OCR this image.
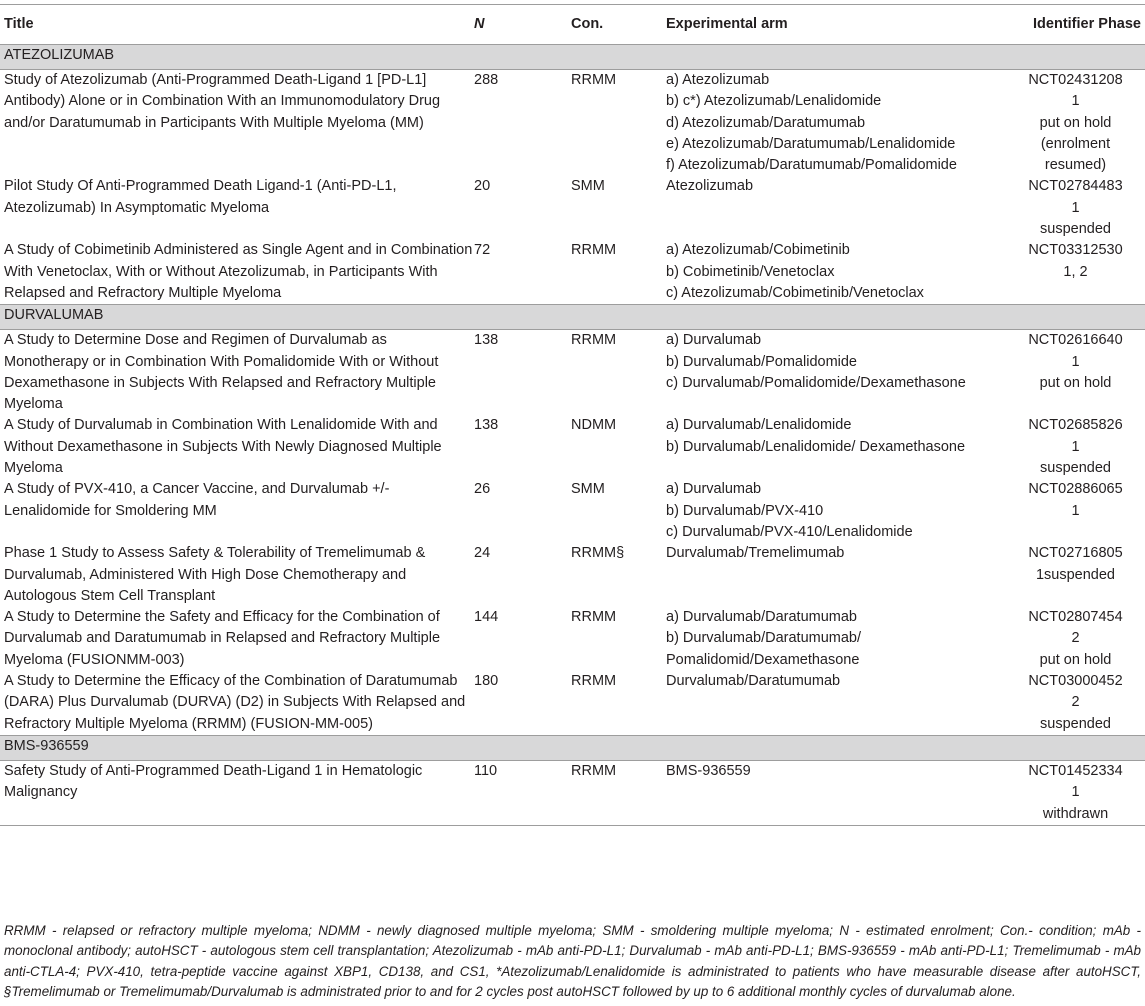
Title	N	Con.	Experimental arm	Identifier Phase
ATEZOLIZUMAB				
Study of Atezolizumab (Anti-Programmed Death-Ligand 1 [PD-L1] Antibody) Alone or in Combination With an Immunomodulatory Drug and/or Daratumumab in Participants With Multiple Myeloma (MM)	288	RRMM	a) Atezolizumab
b) c*) Atezolizumab/Lenalidomide
d) Atezolizumab/Daratumumab
e) Atezolizumab/Daratumumab/Lenalidomide
f) Atezolizumab/Daratumumab/Pomalidomide	NCT02431208
1
put on hold
(enrolment
resumed)

Pilot Study Of Anti-Programmed Death Ligand-1 (Anti-PD-L1, Atezolizumab) In Asymptomatic Myeloma	20	SMM	Atezolizumab	NCT02784483
1
suspended

A Study of Cobimetinib Administered as Single Agent and in Combination With Venetoclax, With or Without Atezolizumab, in Participants With Relapsed and Refractory Multiple Myeloma	72	RRMM	a) Atezolizumab/Cobimetinib
b) Cobimetinib/Venetoclax
c) Atezolizumab/Cobimetinib/Venetoclax	NCT03312530
1, 2

DURVALUMAB				
A Study to Determine Dose and Regimen of Durvalumab as Monotherapy or in Combination With Pomalidomide With or Without Dexamethasone in Subjects With Relapsed and Refractory Multiple Myeloma	138	RRMM	a) Durvalumab
b) Durvalumab/Pomalidomide
c) Durvalumab/Pomalidomide/Dexamethasone	NCT02616640
1
put on hold

A Study of Durvalumab in Combination With Lenalidomide With and Without Dexamethasone in Subjects With Newly Diagnosed Multiple Myeloma	138	NDMM	a) Durvalumab/Lenalidomide
b) Durvalumab/Lenalidomide/ Dexamethasone	NCT02685826
1
suspended

A Study of PVX-410, a Cancer Vaccine, and Durvalumab +/- Lenalidomide for Smoldering MM	26	SMM	a) Durvalumab
b) Durvalumab/PVX-410
c) Durvalumab/PVX-410/Lenalidomide	NCT02886065
1

Phase 1 Study to Assess Safety & Tolerability of Tremelimumab & Durvalumab, Administered With High Dose Chemotherapy and Autologous Stem Cell Transplant	24	RRMM§	Durvalumab/Tremelimumab	NCT02716805
1suspended

A Study to Determine the Safety and Efficacy for the Combination of Durvalumab and Daratumumab in Relapsed and Refractory Multiple Myeloma (FUSIONMM-003)	144	RRMM	a) Durvalumab/Daratumumab
b) Durvalumab/Daratumumab/
Pomalidomid/Dexamethasone	NCT02807454
2
put on hold

A Study to Determine the Efficacy of the Combination of Daratumumab (DARA) Plus Durvalumab (DURVA) (D2) in Subjects With Relapsed and Refractory Multiple Myeloma (RRMM) (FUSION-MM-005)	180	RRMM	Durvalumab/Daratumumab	NCT03000452
2
suspended

BMS-936559				
Safety Study of Anti-Programmed Death-Ligand 1 in Hematologic Malignancy	110	RRMM	BMS-936559	NCT01452334
1
withdrawn
RRMM - relapsed or refractory multiple myeloma; NDMM - newly diagnosed multiple myeloma; SMM - smoldering multiple myeloma; N - estimated enrolment; Con.- condition; mAb - monoclonal antibody; autoHSCT - autologous stem cell transplantation; Atezolizumab - mAb anti-PD-L1; Durvalumab - mAb anti-PD-L1; BMS-936559 - mAb anti-PD-L1; Tremelimumab - mAb anti-CTLA-4; PVX-410, tetra-peptide vaccine against XBP1, CD138, and CS1, *Atezolizumab/Lenalidomide is administrated to patients who have measurable disease after autoHSCT, §Tremelimumab or Tremelimumab/Durvalumab is administrated prior to and for 2 cycles post autoHSCT followed by up to 6 additional monthly cycles of durvalumab alone.
